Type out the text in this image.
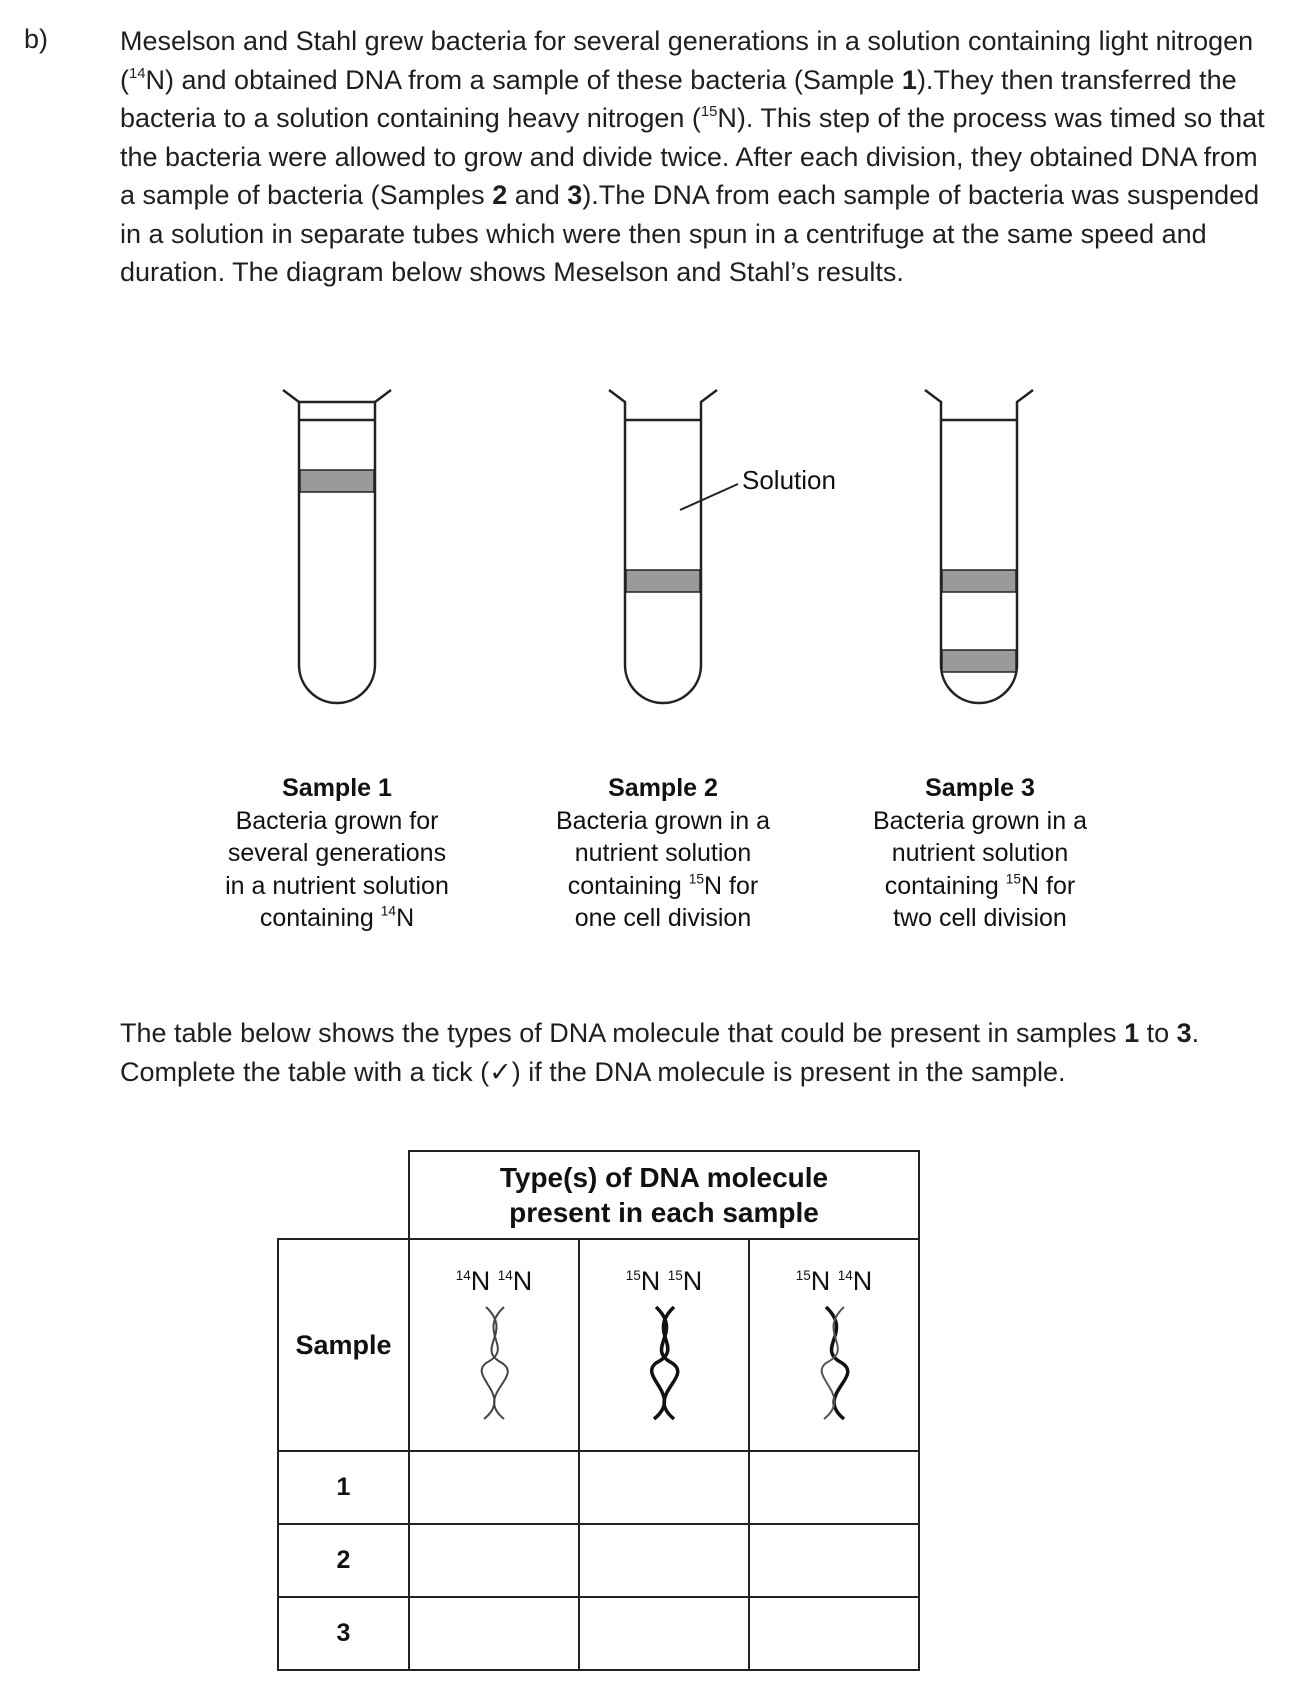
b)	Meselson and Stahl grew bacteria for several generations in a solution containing light nitrogen ($^{14}$N) and obtained DNA from a sample of these bacteria (Sample 1).They then transferred the bacteria to a solution containing heavy nitrogen ($^{15}$N). This step of the process was timed so that the bacteria were allowed to grow and divide twice. After each division, they obtained DNA from a sample of bacteria (Samples 2 and 3).The DNA from each sample of bacteria was suspended in a solution in separate tubes which were then spun in a centrifuge at the same speed and duration. The diagram below shows Meselson and Stahl’s results.

Solution
Sample 1
Bacteria grown for
several generations
in a nutrient solution
containing $^{14}$N
Sample 2
Bacteria grown in a
nutrient solution
containing $^{15}$N for
one cell division
Sample 3
Bacteria grown in a
nutrient solution
containing $^{15}$N for
two cell division

The table below shows the types of DNA molecule that could be present in samples 1 to 3. Complete the table with a tick (✓) if the DNA molecule is present in the sample.

	Type(s) of DNA molecule
present in each sample		

Sample	$^{14}$N $^{14}$N	$^{15}$N $^{15}$N	$^{15}$N $^{14}$N

1			
2			
3			
